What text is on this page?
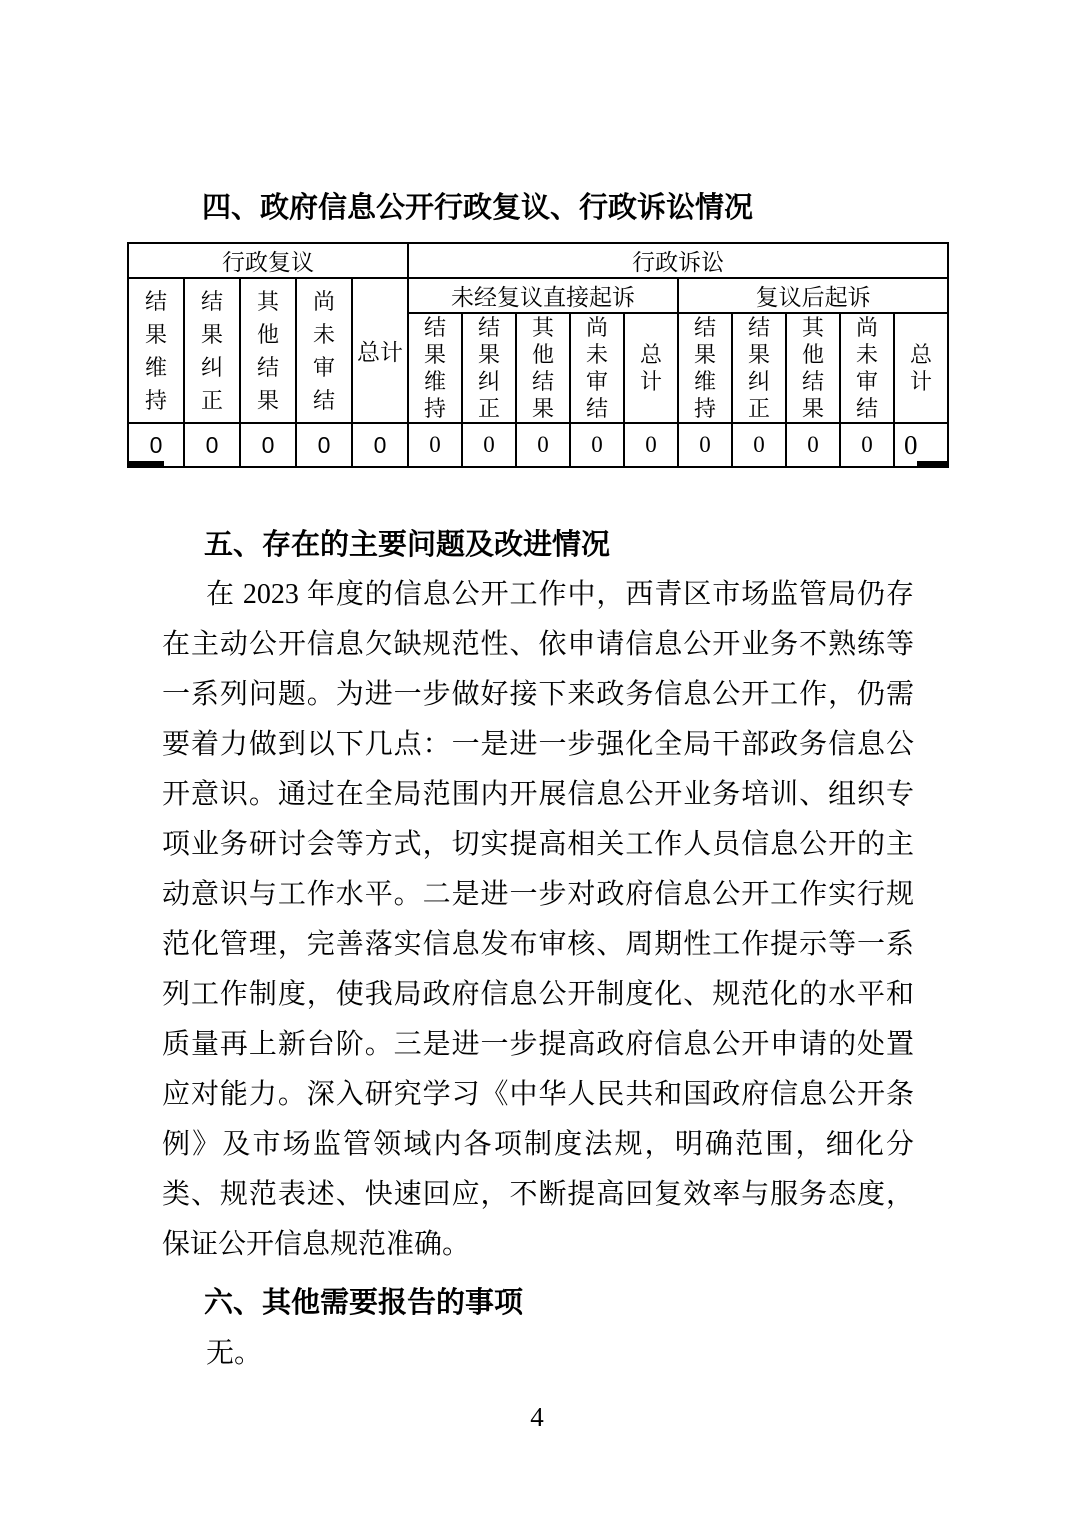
四、政府信息公开行政复议、行政诉讼情况
行政复议					行政诉讼									
结果维持	结果纠正	其他结果	尚未审结	总计	未经复议直接起诉					复议后起诉				
					结果维持	结果纠正	其他结果	尚未审结	总计	结果维持	结果纠正	其他结果	尚未审结	总计
0	0	0	0	0	0	0	0	0	0	0	0	0	0	0
五、存在的主要问题及改进情况
在 2023 年度的信息公开工作中，西青区市场监管局仍存在主动公开信息欠缺规范性、依申请信息公开业务不熟练等一系列问题。为进一步做好接下来政务信息公开工作，仍需要着力做到以下几点：一是进一步强化全局干部政务信息公开意识。通过在全局范围内开展信息公开业务培训、组织专项业务研讨会等方式，切实提高相关工作人员信息公开的主动意识与工作水平。二是进一步对政府信息公开工作实行规范化管理，完善落实信息发布审核、周期性工作提示等一系列工作制度，使我局政府信息公开制度化、规范化的水平和质量再上新台阶。三是进一步提高政府信息公开申请的处置应对能力。深入研究学习《中华人民共和国政府信息公开条例》及市场监管领域内各项制度法规，明确范围，细化分类、规范表述、快速回应，不断提高回复效率与服务态度，保证公开信息规范准确。
六、其他需要报告的事项
无。
4
